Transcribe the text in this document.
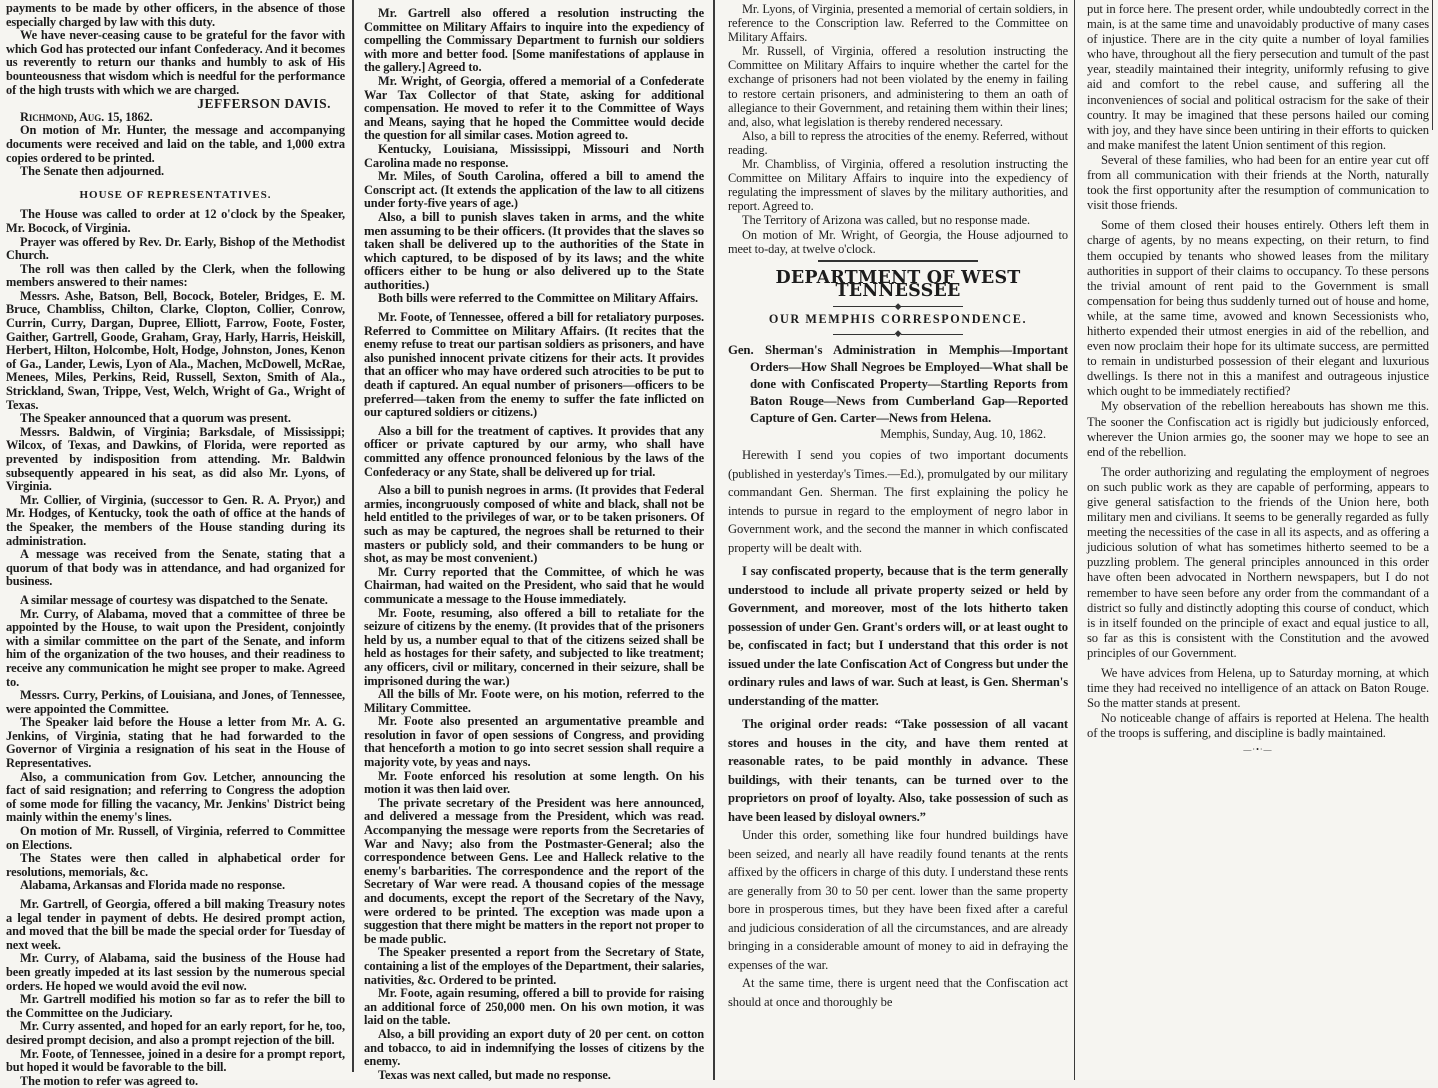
payments to be made by other officers, in the absence of those especially charged by law with this duty.

We have never-ceasing cause to be grateful for the favor with which God has protected our infant Confederacy. And it becomes us reverently to return our thanks and humbly to ask of His bounteousness that wisdom which is needful for the performance of the high trusts with which we are charged.

JEFFERSON DAVIS.

Richmond, Aug. 15, 1862.

On motion of Mr. Hunter, the message and accompanying documents were received and laid on the table, and 1,000 extra copies ordered to be printed.

The Senate then adjourned.

HOUSE OF REPRESENTATIVES.

The House was called to order at 12 o'clock by the Speaker, Mr. Bocock, of Virginia.

Prayer was offered by Rev. Dr. Early, Bishop of the Methodist Church.

The roll was then called by the Clerk, when the following members answered to their names:

Messrs. Ashe, Batson, Bell, Bocock, Boteler, Bridges, E. M. Bruce, Chambliss, Chilton, Clarke, Clopton, Collier, Conrow, Currin, Curry, Dargan, Dupree, Elliott, Farrow, Foote, Foster, Gaither, Gartrell, Goode, Graham, Gray, Harly, Harris, Heiskill, Herbert, Hilton, Holcombe, Holt, Hodge, Johnston, Jones, Kenon of Ga., Lander, Lewis, Lyon of Ala., Machen, McDowell, McRae, Menees, Miles, Perkins, Reid, Russell, Sexton, Smith of Ala., Strickland, Swan, Trippe, Vest, Welch, Wright of Ga., Wright of Texas.

The Speaker announced that a quorum was present.

Messrs. Baldwin, of Virginia; Barksdale, of Mississippi; Wilcox, of Texas, and Dawkins, of Florida, were reported as prevented by indisposition from attending. Mr. Baldwin subsequently appeared in his seat, as did also Mr. Lyons, of Virginia.

Mr. Collier, of Virginia, (successor to Gen. R. A. Pryor,) and Mr. Hodges, of Kentucky, took the oath of office at the hands of the Speaker, the members of the House standing during its administration.

A message was received from the Senate, stating that a quorum of that body was in attendance, and had organized for business.

A similar message of courtesy was dispatched to the Senate.

Mr. Curry, of Alabama, moved that a committee of three be appointed by the House, to wait upon the President, conjointly with a similar committee on the part of the Senate, and inform him of the organization of the two houses, and their readiness to receive any communication he might see proper to make. Agreed to.

Messrs. Curry, Perkins, of Louisiana, and Jones, of Tennessee, were appointed the Committee.

The Speaker laid before the House a letter from Mr. A. G. Jenkins, of Virginia, stating that he had forwarded to the Governor of Virginia a resignation of his seat in the House of Representatives.

Also, a communication from Gov. Letcher, announcing the fact of said resignation; and referring to Congress the adoption of some mode for filling the vacancy, Mr. Jenkins' District being mainly within the enemy's lines.

On motion of Mr. Russell, of Virginia, referred to Committee on Elections.

The States were then called in alphabetical order for resolutions, memorials, &c.

Alabama, Arkansas and Florida made no response.

Mr. Gartrell, of Georgia, offered a bill making Treasury notes a legal tender in payment of debts. He desired prompt action, and moved that the bill be made the special order for Tuesday of next week.

Mr. Curry, of Alabama, said the business of the House had been greatly impeded at its last session by the numerous special orders. He hoped we would avoid the evil now.

Mr. Gartrell modified his motion so far as to refer the bill to the Committee on the Judiciary.

Mr. Curry assented, and hoped for an early report, for he, too, desired prompt decision, and also a prompt rejection of the bill.

Mr. Foote, of Tennessee, joined in a desire for a prompt report, but hoped it would be favorable to the bill.

The motion to refer was agreed to.

Mr. Gartrell also offered a resolution instructing the Committee on Military Affairs to inquire into the expediency of compelling the Commissary Department to furnish our soldiers with more and better food. [Some manifestations of applause in the gallery.] Agreed to.

Mr. Wright, of Georgia, offered a memorial of a Confederate War Tax Collector of that State, asking for additional compensation. He moved to refer it to the Committee of Ways and Means, saying that he hoped the Committee would decide the question for all similar cases. Motion agreed to.

Kentucky, Louisiana, Mississippi, Missouri and North Carolina made no response.

Mr. Miles, of South Carolina, offered a bill to amend the Conscript act. (It extends the application of the law to all citizens under forty-five years of age.)

Also, a bill to punish slaves taken in arms, and the white men assuming to be their officers. (It provides that the slaves so taken shall be delivered up to the authorities of the State in which captured, to be disposed of by its laws; and the white officers either to be hung or also delivered up to the State authorities.)

Both bills were referred to the Committee on Military Affairs.

Mr. Foote, of Tennessee, offered a bill for retaliatory purposes. Referred to Committee on Military Affairs. (It recites that the enemy refuse to treat our partisan soldiers as prisoners, and have also punished innocent private citizens for their acts. It provides that an officer who may have ordered such atrocities to be put to death if captured. An equal number of prisoners—officers to be preferred—taken from the enemy to suffer the fate inflicted on our captured soldiers or citizens.)

Also a bill for the treatment of captives. It provides that any officer or private captured by our army, who shall have committed any offence pronounced felonious by the laws of the Confederacy or any State, shall be delivered up for trial.

Also a bill to punish negroes in arms. (It provides that Federal armies, incongruously composed of white and black, shall not be held entitled to the privileges of war, or to be taken prisoners. Of such as may be captured, the negroes shall be returned to their masters or publicly sold, and their commanders to be hung or shot, as may be most convenient.)

Mr. Curry reported that the Committee, of which he was Chairman, had waited on the President, who said that he would communicate a message to the House immediately.

Mr. Foote, resuming, also offered a bill to retaliate for the seizure of citizens by the enemy. (It provides that of the prisoners held by us, a number equal to that of the citizens seized shall be held as hostages for their safety, and subjected to like treatment; any officers, civil or military, concerned in their seizure, shall be imprisoned during the war.)

All the bills of Mr. Foote were, on his motion, referred to the Military Committee.

Mr. Foote also presented an argumentative preamble and resolution in favor of open sessions of Congress, and providing that henceforth a motion to go into secret session shall require a majority vote, by yeas and nays.

Mr. Foote enforced his resolution at some length. On his motion it was then laid over.

The private secretary of the President was here announced, and delivered a message from the President, which was read. Accompanying the message were reports from the Secretaries of War and Navy; also from the Postmaster-General; also the correspondence between Gens. Lee and Halleck relative to the enemy's barbarities. The correspondence and the report of the Secretary of War were read. A thousand copies of the message and documents, except the report of the Secretary of the Navy, were ordered to be printed. The exception was made upon a suggestion that there might be matters in the report not proper to be made public.

The Speaker presented a report from the Secretary of State, containing a list of the employes of the Department, their salaries, nativities, &c. Ordered to be printed.

Mr. Foote, again resuming, offered a bill to provide for raising an additional force of 250,000 men. On his own motion, it was laid on the table.

Also, a bill providing an export duty of 20 per cent. on cotton and tobacco, to aid in indemnifying the losses of citizens by the enemy.

Texas was next called, but made no response.

Mr. Lyons, of Virginia, presented a memorial of certain soldiers, in reference to the Conscription law. Referred to the Committee on Military Affairs.

Mr. Russell, of Virginia, offered a resolution instructing the Committee on Military Affairs to inquire whether the cartel for the exchange of prisoners had not been violated by the enemy in failing to restore certain prisoners, and administering to them an oath of allegiance to their Government, and retaining them within their lines; and, also, what legislation is thereby rendered necessary.

Also, a bill to repress the atrocities of the enemy. Referred, without reading.

Mr. Chambliss, of Virginia, offered a resolution instructing the Committee on Military Affairs to inquire into the expediency of regulating the impressment of slaves by the military authorities, and report. Agreed to.

The Territory of Arizona was called, but no response made.

On motion of Mr. Wright, of Georgia, the House adjourned to meet to-day, at twelve o'clock.

DEPARTMENT OF WEST TENNESSEE
◆
OUR MEMPHIS CORRESPONDENCE.
◆
Gen. Sherman's Administration in Memphis—Important Orders—How Shall Negroes be Employed—What shall be done with Confiscated Property—Startling Reports from Baton Rouge—News from Cumberland Gap—Reported Capture of Gen. Carter—News from Helena.
Memphis, Sunday, Aug. 10, 1862.

Herewith I send you copies of two important documents (published in yesterday's Times.—Ed.), promulgated by our military commandant Gen. Sherman. The first explaining the policy he intends to pursue in regard to the employment of negro labor in Government work, and the second the manner in which confiscated property will be dealt with.

I say confiscated property, because that is the term generally understood to include all private property seized or held by Government, and moreover, most of the lots hitherto taken possession of under Gen. Grant's orders will, or at least ought to be, confiscated in fact; but I understand that this order is not issued under the late Confiscation Act of Congress but under the ordinary rules and laws of war. Such at least, is Gen. Sherman's understanding of the matter.

The original order reads: “Take possession of all vacant stores and houses in the city, and have them rented at reasonable rates, to be paid monthly in advance. These buildings, with their tenants, can be turned over to the proprietors on proof of loyalty. Also, take possession of such as have been leased by disloyal owners.”

Under this order, something like four hundred buildings have been seized, and nearly all have readily found tenants at the rents affixed by the officers in charge of this duty. I understand these rents are generally from 30 to 50 per cent. lower than the same property bore in prosperous times, but they have been fixed after a careful and judicious consideration of all the circumstances, and are already bringing in a considerable amount of money to aid in defraying the expenses of the war.

At the same time, there is urgent need that the Confiscation act should at once and thoroughly be

put in force here. The present order, while undoubtedly correct in the main, is at the same time and unavoidably productive of many cases of injustice. There are in the city quite a number of loyal families who have, throughout all the fiery persecution and tumult of the past year, steadily maintained their integrity, uniformly refusing to give aid and comfort to the rebel cause, and suffering all the inconveniences of social and political ostracism for the sake of their country. It may be imagined that these persons hailed our coming with joy, and they have since been untiring in their efforts to quicken and make manifest the latent Union sentiment of this region.

Several of these families, who had been for an entire year cut off from all communication with their friends at the North, naturally took the first opportunity after the resumption of communication to visit those friends.

Some of them closed their houses entirely. Others left them in charge of agents, by no means expecting, on their return, to find them occupied by tenants who showed leases from the military authorities in support of their claims to occupancy. To these persons the trivial amount of rent paid to the Government is small compensation for being thus suddenly turned out of house and home, while, at the same time, avowed and known Secessionists who, hitherto expended their utmost energies in aid of the rebellion, and even now proclaim their hope for its ultimate success, are permitted to remain in undisturbed possession of their elegant and luxurious dwellings. Is there not in this a manifest and outrageous injustice which ought to be immediately rectified?

My observation of the rebellion hereabouts has shown me this. The sooner the Confiscation act is rigidly but judiciously enforced, wherever the Union armies go, the sooner may we hope to see an end of the rebellion.

The order authorizing and regulating the employment of negroes on such public work as they are capable of performing, appears to give general satisfaction to the friends of the Union here, both military men and civilians. It seems to be generally regarded as fully meeting the necessities of the case in all its aspects, and as offering a judicious solution of what has sometimes hitherto seemed to be a puzzling problem. The general principles announced in this order have often been advocated in Northern newspapers, but I do not remember to have seen before any order from the commandant of a district so fully and distinctly adopting this course of conduct, which is in itself founded on the principle of exact and equal justice to all, so far as this is consistent with the Constitution and the avowed principles of our Government.

We have advices from Helena, up to Saturday morning, at which time they had received no intelligence of an attack on Baton Rouge. So the matter stands at present.

No noticeable change of affairs is reported at Helena. The health of the troops is suffering, and discipline is badly maintained.

—·•·—
